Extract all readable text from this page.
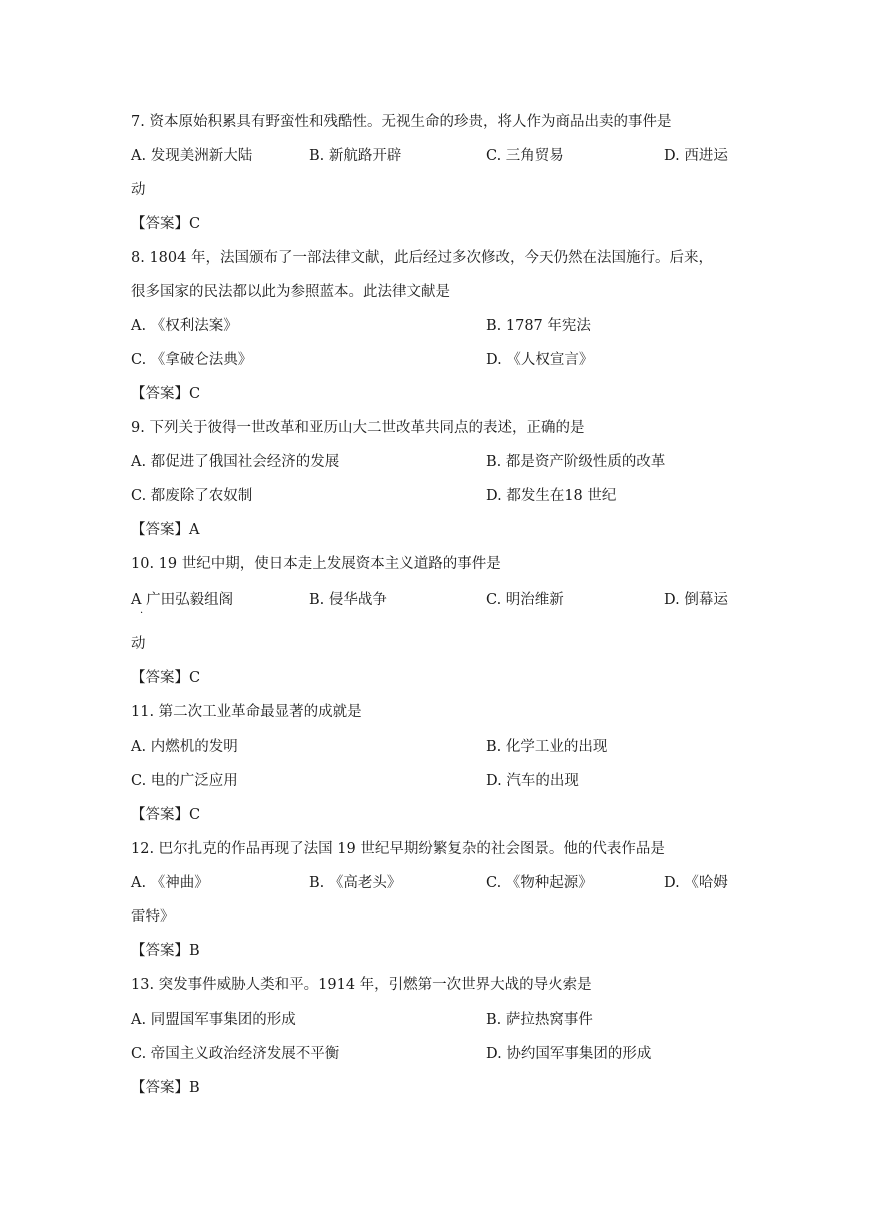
7. 资本原始积累具有野蛮性和残酷性。无视生命的珍贵，将人作为商品出卖的事件是
A. 发现美洲新大陆	B. 新航路开辟	C. 三角贸易	D. 西进运
动
【答案】C
8. 1804 年，法国颁布了一部法律文献，此后经过多次修改，今天仍然在法国施行。后来，
很多国家的民法都以此为参照蓝本。此法律文献是
A. 《权利法案》	B. 1787 年宪法
C. 《拿破仑法典》	D. 《人权宣言》
【答案】C
9. 下列关于彼得一世改革和亚历山大二世改革共同点的表述，正确的是
A. 都促进了俄国社会经济的发展	B. 都是资产阶级性质的改革
C. 都废除了农奴制	D. 都发生在18 世纪
【答案】A
10. 19 世纪中期，使日本走上发展资本主义道路的事件是
A 广田弘毅组阁	B. 侵华战争	C. 明治维新	D. 倒幕运
·
动
【答案】C
11. 第二次工业革命最显著的成就是
A. 内燃机的发明	B. 化学工业的出现
C. 电的广泛应用	D. 汽车的出现
【答案】C
12. 巴尔扎克的作品再现了法国 19 世纪早期纷繁复杂的社会图景。他的代表作品是
A. 《神曲》	B. 《高老头》	C. 《物种起源》	D. 《哈姆
雷特》
【答案】B
13. 突发事件威胁人类和平。1914 年，引燃第一次世界大战的导火索是
A. 同盟国军事集团的形成	B. 萨拉热窝事件
C. 帝国主义政治经济发展不平衡	D. 协约国军事集团的形成
【答案】B
